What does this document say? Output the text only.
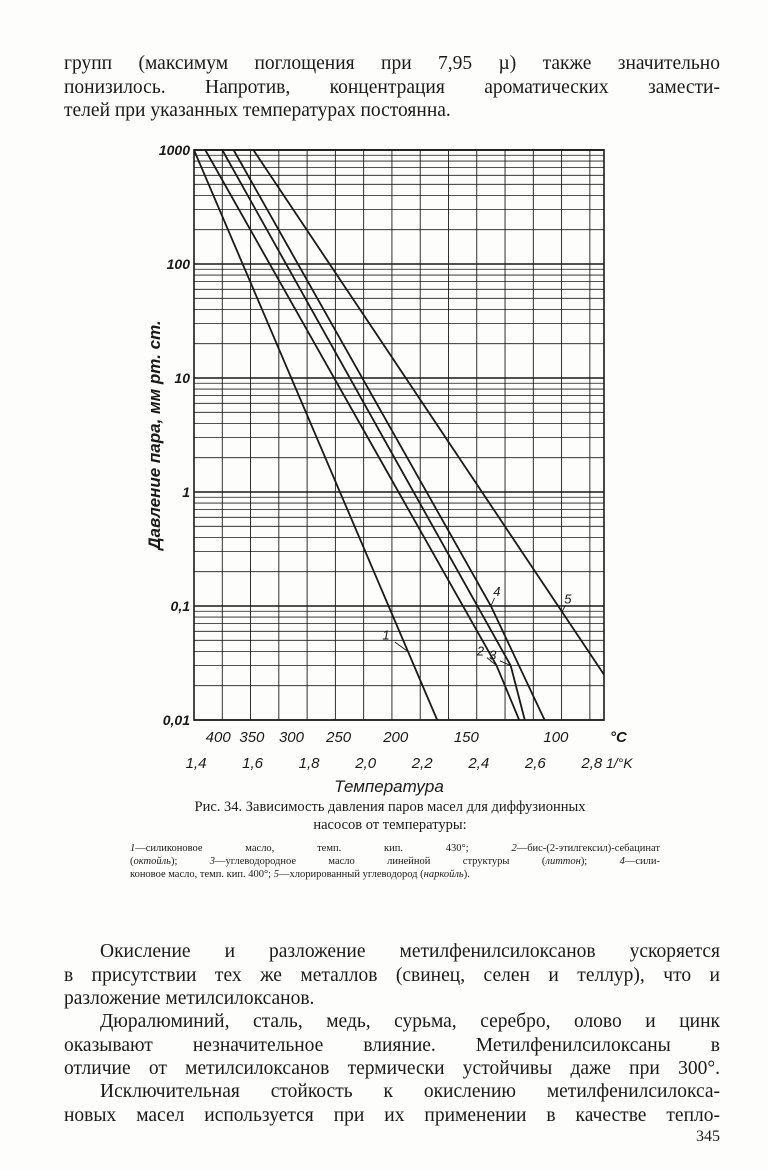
групп (максимум поглощения при 7,95 µ) также значительно
понизилось. Напротив, концентрация ароматических замести-
телей при указанных температурах постоянна.
1000
100
10
1
0,1
0,01
Давление пара, мм рт. ст.
400 350 300 250 200	150	100	°C
1,4 1,6 1,8 2,0 2,2 2,4 2,6 2,8 1/°K
Температура
1
2 3
4
5
Рис. 34. Зависимость давления паров масел для диффузионных
насосов от температуры:
1—силиконовое масло, темп. кип. 430°; 2—бис-(2-этилгексил)-себацинат
(октойль); 3—углеводородное масло линейной структуры (литтон); 4—сили-
коновое масло, темп. кип. 400°; 5—хлорированный углеводород (наркойль).
Окисление и разложение метилфенилсилоксанов ускоряется
в присутствии тех же металлов (свинец, селен и теллур), что и
разложение метилсилоксанов.
Дюралюминий, сталь, медь, сурьма, серебро, олово и цинк
оказывают незначительное влияние. Метилфенилсилоксаны в
отличие от метилсилоксанов термически устойчивы даже при 300°.
Исключительная стойкость к окислению метилфенилсилокса-
новых масел используется при их применении в качестве тепло-
345
